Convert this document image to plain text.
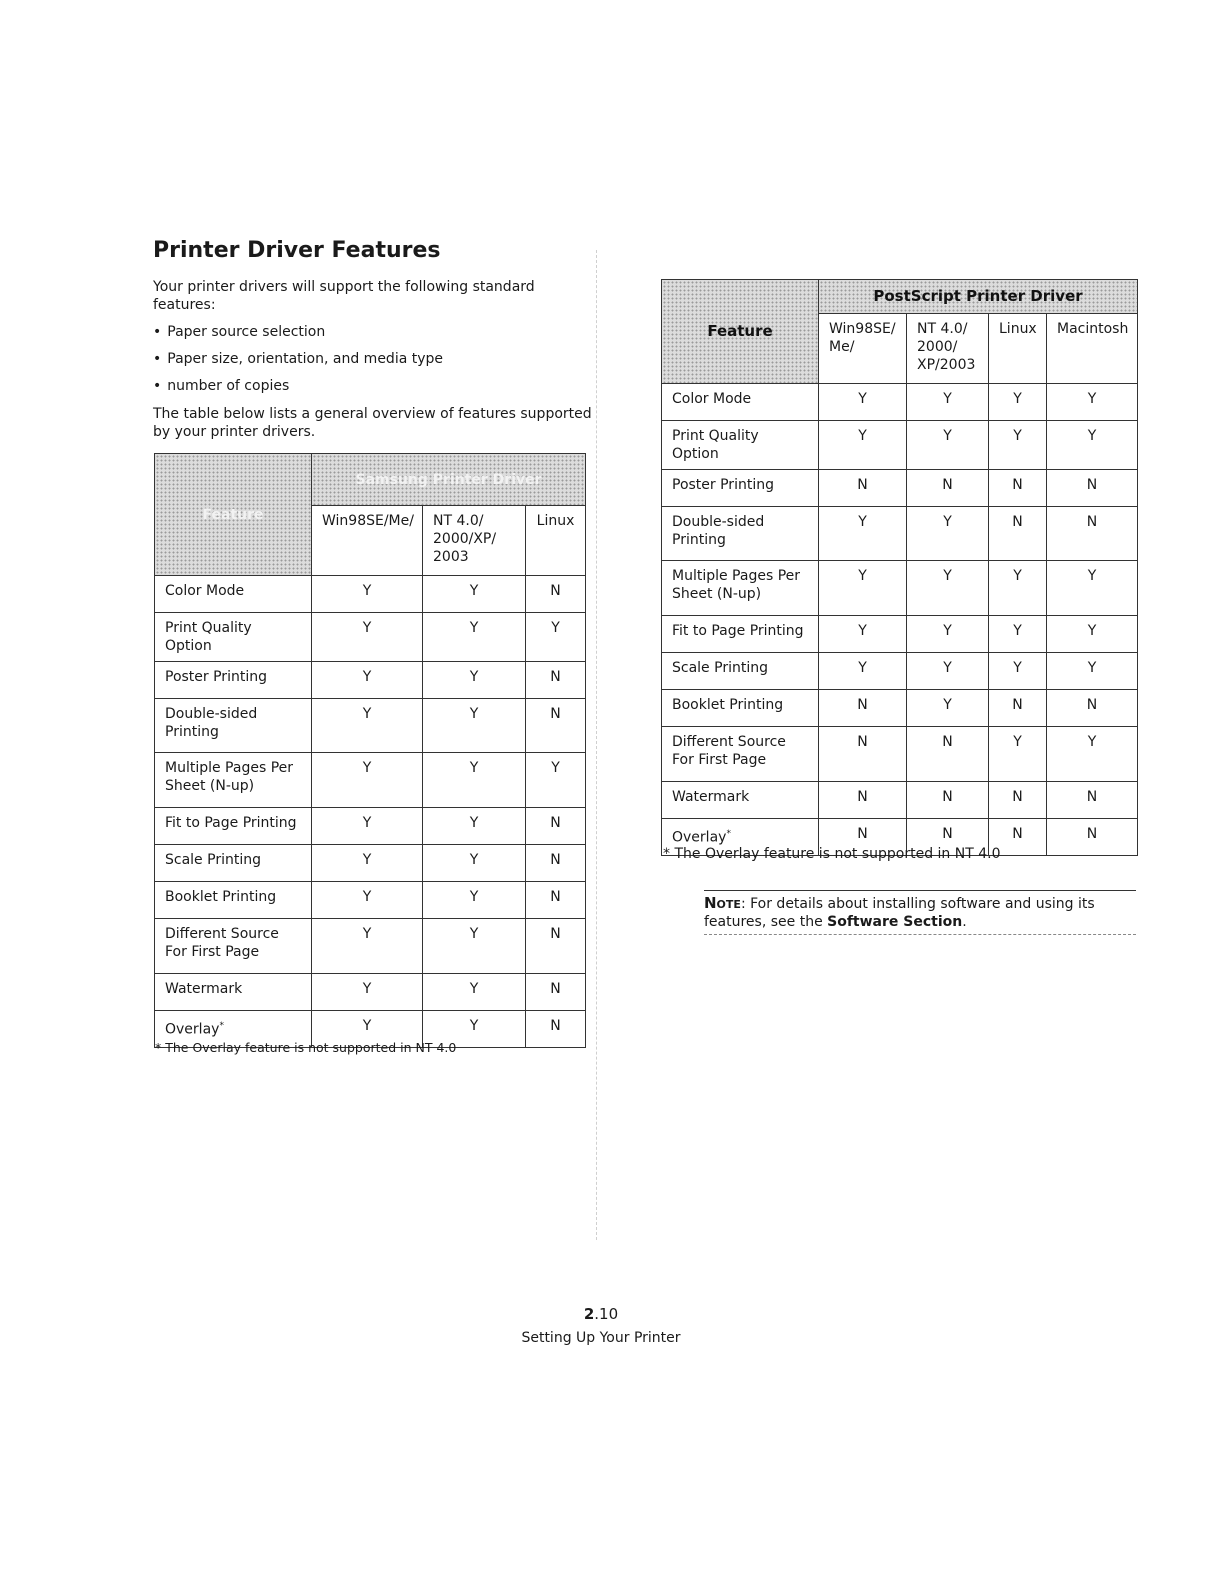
Printer Driver Features

Your printer drivers will support the following standard features:

• Paper source selection
• Paper size, orientation, and media type
• number of copies

The table below lists a general overview of features supported by your printer drivers.

Feature	Samsung Printer Driver		
	Win98SE/Me/	NT 4.0/ 2000/XP/ 2003	Linux
Color Mode	Y	Y	N
Print Quality Option	Y	Y	Y
Poster Printing	Y	Y	N
Double-sided Printing	Y	Y	N
Multiple Pages Per Sheet (N-up)	Y	Y	Y
Fit to Page Printing	Y	Y	N
Scale Printing	Y	Y	N
Booklet Printing	Y	Y	N
Different Source For First Page	Y	Y	N
Watermark	Y	Y	N
Overlay*	Y	Y	N

* The Overlay feature is not supported in NT 4.0

Feature	PostScript Printer Driver			
	Win98SE/ Me/	NT 4.0/ 2000/ XP/2003	Linux	Macintosh
Color Mode	Y	Y	Y	Y
Print Quality Option	Y	Y	Y	Y
Poster Printing	N	N	N	N
Double-sided Printing	Y	Y	N	N
Multiple Pages Per Sheet (N-up)	Y	Y	Y	Y
Fit to Page Printing	Y	Y	Y	Y
Scale Printing	Y	Y	Y	Y
Booklet Printing	N	Y	N	N
Different Source For First Page	N	N	Y	Y
Watermark	N	N	N	N
Overlay*	N	N	N	N

* The Overlay feature is not supported in NT 4.0

Note: For details about installing software and using its features, see the Software Section.

2.10
Setting Up Your Printer
